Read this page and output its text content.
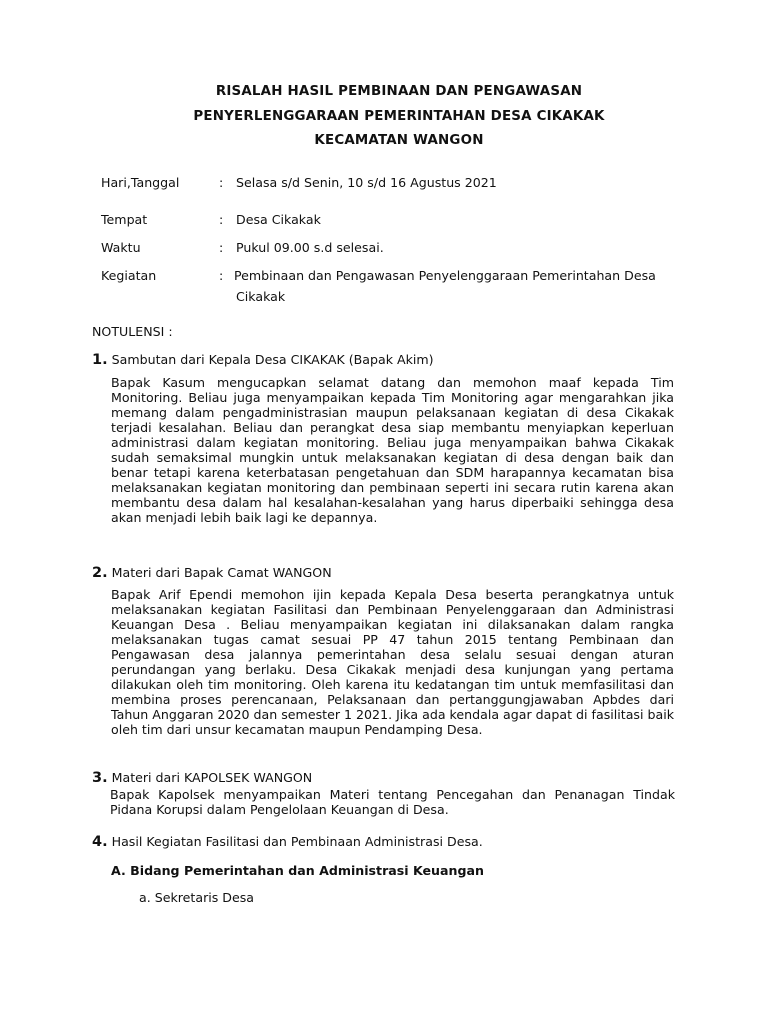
RISALAH HASIL PEMBINAAN DAN PENGAWASAN
PENYERLENGGARAAN PEMERINTAHAN DESA CIKAKAK
KECAMATAN WANGON
Hari,Tanggal	: Selasa s/d Senin, 10 s/d 16 Agustus 2021
Tempat	: Desa Cikakak
Waktu	: Pukul 09.00 s.d selesai.
Kegiatan	: Pembinaan dan Pengawasan Penyelenggaraan Pemerintahan Desa
Cikakak
NOTULENSI :
1. Sambutan dari Kepala Desa CIKAKAK (Bapak Akim)
Bapak Kasum mengucapkan selamat datang dan memohon maaf kepada Tim Monitoring. Beliau juga menyampaikan kepada Tim Monitoring agar mengarahkan jika memang dalam pengadministrasian maupun pelaksanaan kegiatan di desa Cikakak terjadi kesalahan. Beliau dan perangkat desa siap membantu menyiapkan keperluan administrasi dalam kegiatan monitoring. Beliau juga menyampaikan bahwa Cikakak sudah semaksimal mungkin untuk melaksanakan kegiatan di desa dengan baik dan benar tetapi karena keterbatasan pengetahuan dan SDM harapannya kecamatan bisa melaksanakan kegiatan monitoring dan pembinaan seperti ini secara rutin karena akan membantu desa dalam hal kesalahan-kesalahan yang harus diperbaiki sehingga desa akan menjadi lebih baik lagi ke depannya.
2. Materi dari Bapak Camat WANGON
Bapak Arif Ependi memohon ijin kepada Kepala Desa beserta perangkatnya untuk melaksanakan kegiatan Fasilitasi dan Pembinaan Penyelenggaraan dan Administrasi Keuangan Desa . Beliau menyampaikan kegiatan ini dilaksanakan dalam rangka melaksanakan tugas camat sesuai PP 47 tahun 2015 tentang Pembinaan dan Pengawasan desa jalannya pemerintahan desa selalu sesuai dengan aturan perundangan yang berlaku. Desa Cikakak menjadi desa kunjungan yang pertama dilakukan oleh tim monitoring. Oleh karena itu kedatangan tim untuk memfasilitasi dan membina proses perencanaan, Pelaksanaan dan pertanggungjawaban Apbdes dari Tahun Anggaran 2020 dan semester 1 2021. Jika ada kendala agar dapat di fasilitasi baik oleh tim dari unsur kecamatan maupun Pendamping Desa.
3. Materi dari KAPOLSEK WANGON
Bapak Kapolsek menyampaikan Materi tentang Pencegahan dan Penanagan Tindak Pidana Korupsi dalam Pengelolaan Keuangan di Desa.
4. Hasil Kegiatan Fasilitasi dan Pembinaan Administrasi Desa.
A. Bidang Pemerintahan dan Administrasi Keuangan
a. Sekretaris Desa
